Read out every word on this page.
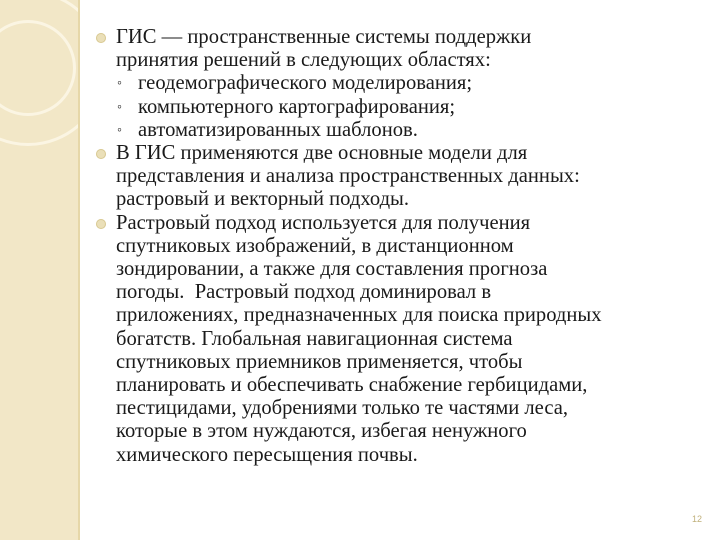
ГИС — пространственные системы поддержки
принятия решений в следующих областях:
◦ геодемографического моделирования;
◦ компьютерного картографирования;
◦ автоматизированных шаблонов.
В ГИС применяются две основные модели для
представления и анализа пространственных данных:
растровый и векторный подходы.
Растровый подход используется для получения
спутниковых изображений, в дистанционном
зондировании, а также для составления прогноза
погоды.  Растровый подход доминировал в
приложениях, предназначенных для поиска природных
богатств. Глобальная навигационная система
спутниковых приемников применяется, чтобы
планировать и обеспечивать снабжение гербицидами,
пестицидами, удобрениями только те частями леса,
которые в этом нуждаются, избегая ненужного
химического пересыщения почвы.
12
